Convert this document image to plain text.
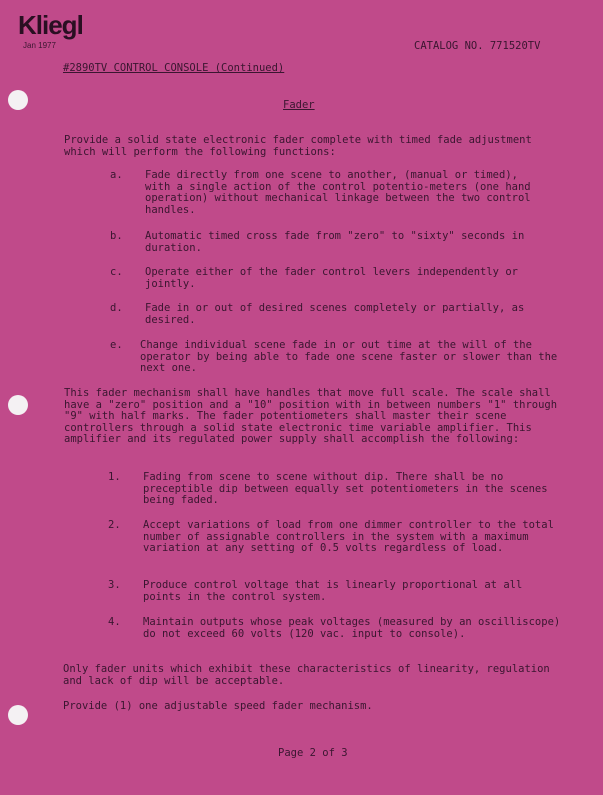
Kliegl
Jan 1977	CATALOG NO. 771520TV
#2890TV CONTROL CONSOLE (Continued)
Fader
Provide a solid state electronic fader complete with timed fade adjustment which will perform the following functions:
a. Fade directly from one scene to another, (manual or timed), with a single action of the control potentio-meters (one hand operation) without mechanical linkage between the two control handles.
b. Automatic timed cross fade from "zero" to "sixty" seconds in duration.
c. Operate either of the fader control levers independently or jointly.
d. Fade in or out of desired scenes completely or partially, as desired.
e. Change individual scene fade in or out time at the will of the operator by being able to fade one scene faster or slower than the next one.
This fader mechanism shall have handles that move full scale. The scale shall have a "zero" position and a "10" position with in between numbers "1" through "9" with half marks. The fader potentiometers shall master their scene controllers through a solid state electronic time variable amplifier. This amplifier and its regulated power supply shall accomplish the following:
1. Fading from scene to scene without dip. There shall be no preceptible dip between equally set potentiometers in the scenes being faded.
2. Accept variations of load from one dimmer controller to the total number of assignable controllers in the system with a maximum variation at any setting of 0.5 volts regardless of load.
3. Produce control voltage that is linearly proportional at all points in the control system.
4. Maintain outputs whose peak voltages (measured by an oscilliscope) do not exceed 60 volts (120 vac. input to console).
Only fader units which exhibit these characteristics of linearity, regulation and lack of dip will be acceptable.
Provide (1) one adjustable speed fader mechanism.
Page 2 of 3
